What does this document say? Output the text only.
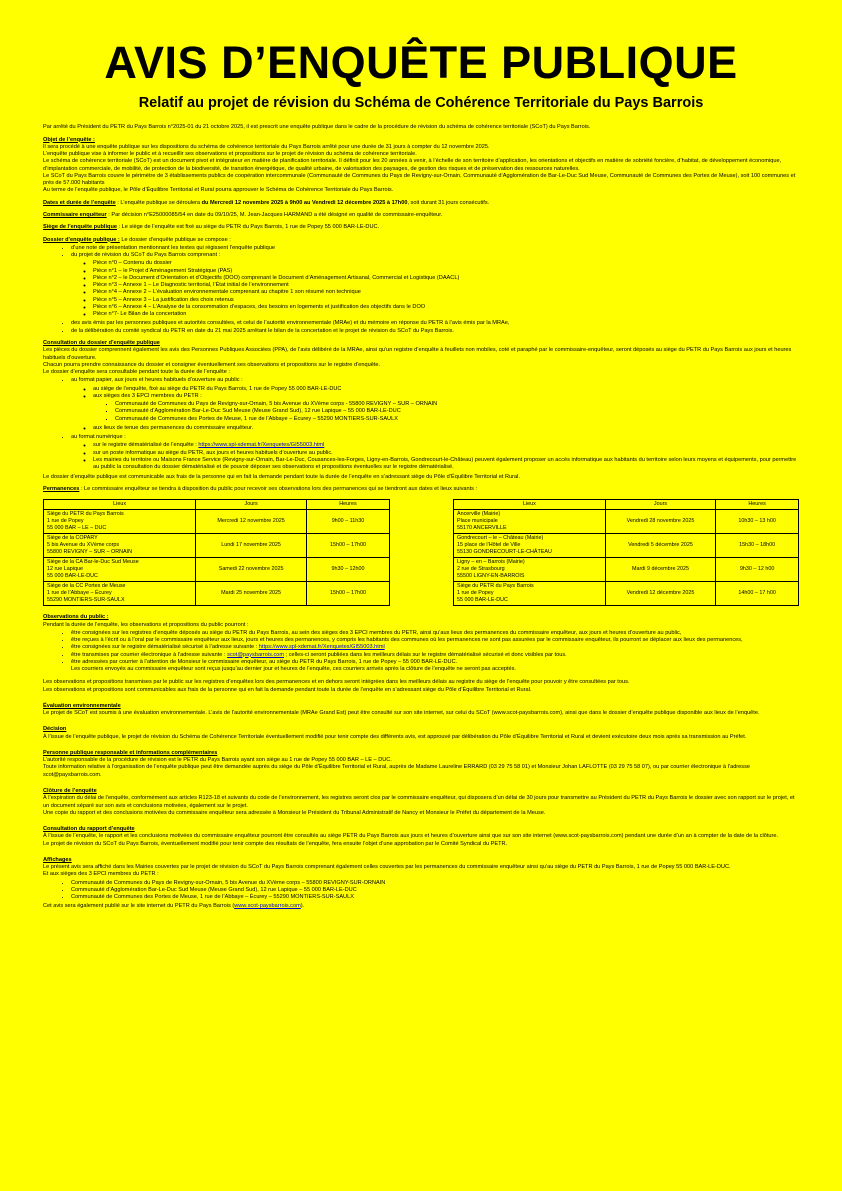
AVIS D’ENQUÊTE PUBLIQUE
Relatif au projet de révision du Schéma de Cohérence Territoriale du Pays Barrois

Par arrêté du Président du PETR du Pays Barrois n°2025-01 du 21 octobre 2025, il est prescrit une enquête publique dans le cadre de la procédure de révision du schéma de cohérence territoriale (SCoT) du Pays Barrois.

Objet de l’enquête :
Il sera procédé à une enquête publique sur les dispositions du schéma de cohérence territoriale du Pays Barrois arrêté pour une durée de 31 jours à compter du 12 novembre 2025.
L’enquête publique vise à informer le public et à recueillir ses observations et propositions sur le projet de révision du schéma de cohérence territoriale.
Le schéma de cohérence territoriale (SCoT) est un document pivot et intégrateur en matière de planification territoriale. Il définit pour les 20 années à venir, à l’échelle de son territoire d’application, les orientations et objectifs en matière de sobriété foncière, d’habitat, de développement économique, d’implantation commerciale, de mobilité, de protection de la biodiversité, de transition énergétique, de qualité urbaine, de valorisation des paysages, de gestion des risques et de préservation des ressources naturelles.
Le SCoT du Pays Barrois couvre le périmètre de 3 établissements publics de coopération intercommunale (Communauté de Communes du Pays de Revigny-sur-Ornain, Communauté d’Agglomération de Bar-Le-Duc Sud Meuse, Communauté de Communes des Portes de Meuse), soit 100 communes et près de 57.000 habitants
Au terme de l’enquête publique, le Pôle d’Équilibre Territorial et Rural pourra approuver le Schéma de Cohérence Territoriale du Pays Barrois.
Dates et durée de l’enquête : L’enquête publique se déroulera du Mercredi 12 novembre 2025 à 9h00 au Vendredi 12 décembre 2025 à 17h00, soit durant 31 jours consécutifs.
Commissaire enquêteur : Par décision n°E25000085/54 en date du 09/10/25, M. Jean-Jacques HARMAND a été désigné en qualité de commissaire-enquêteur.
Siège de l’enquête publique : Le siège de l’enquête est fixé au siège du PETR du Pays Barrois, 1 rue de Popey 55 000 BAR-LE-DUC.
Dossier d’enquête publique : Le dossier d’enquête publique se compose :
• d’une note de présentation mentionnant les textes qui régissent l’enquête publique
• du projet de révision du SCoT du Pays Barrois comprenant :
◦ Pièce n°0 – Contenu du dossier
◦ Pièce n°1 – le Projet d’Aménagement Stratégique (PAS)
◦ Pièce n°2 – le Document d’Orientation et d’Objectifs (DOO) comprenant le Document d’Aménagement Artisanal, Commercial et Logistique (DAACL)
◦ Pièce n°3 – Annexe 1 – Le Diagnostic territorial, l’État initial de l’environnement
◦ Pièce n°4 – Annexe 2 – L’évaluation environnementale comprenant au chapitre 1 son résumé non technique
◦ Pièce n°5 – Annexe 3 – La justification des choix retenus
◦ Pièce n°6 – Annexe 4 – L’Analyse de la consommation d’espaces, des besoins en logements et justification des objectifs dans le DOO
◦ Pièce n°7- Le Bilan de la concertation
• des avis émis par les personnes publiques et autorités consultées, et celui de l’autorité environnementale (MRAe) et du mémoire en réponse du PETR à l’avis émis par la MRAe,
• de la délibération du comité syndical du PETR en date du 21 mai 2025 arrêtant le bilan de la concertation et le projet de révision du SCoT du Pays Barrois.
Consultation du dossier d’enquête publique
Les pièces du dossier comprennent également les avis des Personnes Publiques Associées (PPA), de l’avis délibéré de la MRAe, ainsi qu’un registre d’enquête à feuillets non mobiles, coté et paraphé par le commissaire-enquêteur, seront déposés au siège du PETR du Pays Barrois aux jours et heures habituels d’ouverture.
Chacun pourra prendre connaissance du dossier et consigner éventuellement ses observations et propositions sur le registre d’enquête.
Le dossier d’enquête sera consultable pendant toute la durée de l’enquête :
• au format papier, aux jours et heures habituels d’ouverture au public :
◦ au siège de l’enquête, fixé au siège du PETR du Pays Barrois, 1 rue de Popey 55 000 BAR-LE-DUC
◦ aux sièges des 3 EPCI membres du PETR :
▪ Communauté de Communes du Pays de Revigny-sur-Ornain, 5 bis Avenue du XVème corps - 55800 REVIGNY – SUR – ORNAIN
▪ Communauté d’Agglomération Bar-Le-Duc Sud Meuse (Meuse Grand Sud), 12 rue Lapique – 55 000 BAR-LE-DUC
▪ Communauté de Communes des Portes de Meuse, 1 rue de l’Abbaye – Écurey – 55290 MONTIERS-SUR-SAULX
◦ aux lieux de tenue des permanences du commissaire enquêteur.
• au format numérique :
◦ sur le registre dématérialisé de l’enquête : https://www.spl-xdemat.fr/Xenquetes/GI55003.html
◦ sur un poste informatique au siège du PETR, aux jours et heures habituels d’ouverture au public.
◦ Les mairies du territoire ou Maisons France Service (Revigny-sur-Ornain, Bar-Le-Duc, Cousances-les-Forges, Ligny-en-Barrois, Gondrecourt-le-Château) peuvent également proposer un accès informatique aux habitants du territoire selon leurs moyens et équipements, pour permettre au public la consultation du dossier dématérialisé et de pouvoir déposer ses observations et propositions éventuelles sur le registre dématérialisé.
Le dossier d’enquête publique est communicable aux frais de la personne qui en fait la demande pendant toute la durée de l’enquête en s’adressant siège du Pôle d’Équilibre Territorial et Rural.
Permanences : Le commissaire enquêteur se tiendra à disposition du public pour recevoir ses observations lors des permanences qui se tiendront aux dates et lieux suivants :
Lieux	Jours	Heures

Siège du PETR du Pays Barrois
1 rue de Popey
55 000 BAR – LE – DUC	Mercredi 12 novembre 2025	9h00 – 11h30

Siège de la COPARY
5 bis Avenue du XVème corps
55800 REVIGNY – SUR – ORNAIN	Lundi 17 novembre 2025	15h00 – 17h00

Siège de la CA Bar-le-Duc Sud Meuse
12 rue Lapique
55 000 BAR-LE-DUC	Samedi 22 novembre 2025	9h30 – 12h00

Siège de la CC Portes de Meuse
1 rue de l’Abbaye – Écurey
55290 MONTIERS-SUR-SAULX	Mardi 25 novembre 2025	15h00 – 17h00
Lieux	Jours	Heures

Ancerville (Mairie)
Place municipale
55170 ANCERVILLE	Vendredi 28 novembre 2025	10h30 – 13 h00

Gondrecourt – le – Château (Mairie)
15 place de l’Hôtel de Ville
55130 GONDRECOURT-LE-CHÂTEAU	Vendredi 5 décembre 2025	15h30 – 18h00

Ligny – en – Barrois (Mairie)
2 rue de Strasbourg
55500 LIGNY-EN-BARROIS	Mardi 9 décembre 2025	9h30 – 12 h00

Siège du PETR du Pays Barrois
1 rue de Popey
55 000 BAR-LE-DUC	Vendredi 12 décembre 2025	14h00 – 17 h00
Observations du public :
Pendant la durée de l’enquête, les observations et propositions du public pourront :
• être consignées sur les registres d’enquête déposés au siège du PETR du Pays Barrois, au sein des sièges des 3 EPCI membres du PETR, ainsi qu’aux lieux des permanences du commissaire enquêteur, aux jours et heures d’ouverture au public,
• être reçues à l’écrit ou à l’oral par le commissaire enquêteur aux lieux, jours et heures des permanences, y compris les habitants des communes où les permanences ne sont pas assurées par le commissaire enquêteur, ils pourront se déplacer aux lieux des permanences,
• être consignées sur le registre dématérialisé sécurisé à l’adresse suivante : https://www.spl-xdemat.fr/Xenquetes/GI55003.html
• être transmises par courrier électronique à l’adresse suivante : scot@paysbarrois.com ; celles-ci seront publiées dans les meilleurs délais sur le registre dématérialisé sécurisé et donc visibles par tous.
• être adressées par courrier à l’attention de Monsieur le commissaire enquêteur, au siège du PETR du Pays Barrois, 1 rue de Popey – 55 000 BAR-LE-DUC.
Les courriers envoyés au commissaire enquêteur sont reçus jusqu’au dernier jour et heures de l’enquête, ces courriers arrivés après la clôture de l’enquête ne seront pas acceptés.
Les observations et propositions transmises par le public sur les registres d’enquêtes lors des permanences et en dehors seront intégrées dans les meilleurs délais au registre du siège de l’enquête pour pouvoir y être consultées par tous.
Les observations et propositions sont communicables aux frais de la personne qui en fait la demande pendant toute la durée de l’enquête en s’adressant siège du Pôle d’Équilibre Territorial et Rural.
Évaluation environnementale
Le projet de SCoT est soumis à une évaluation environnementale. L’avis de l’autorité environnementale (MRAe Grand Est) peut être consulté sur son site internet, sur celui du SCoT (www.scot-paysbarrois.com), ainsi que dans le dossier d’enquête publique disponible aux lieux de l’enquête.
Décision
À l’issue de l’enquête publique, le projet de révision du Schéma de Cohérence Territoriale éventuellement modifié pour tenir compte des différents avis, est approuvé par délibération du Pôle d’Équilibre Territorial et Rural et devient exécutoire deux mois après sa transmission au Préfet.
Personne publique responsable et informations complémentaires
L’autorité responsable de la procédure de révision est le PETR du Pays Barrois ayant son siège au 1 rue de Popey 55 000 BAR – LE – DUC.
Toute information relative à l’organisation de l’enquête publique peut être demandée auprès du siège du Pôle d’Équilibre Territorial et Rural, auprès de Madame Laureline ERRARD (03 29 75 58 01) et Monsieur Johan LAFLOTTE (03 29 75 58 07), ou par courrier électronique à l’adresse scot@paysbarrois.com.
Clôture de l’enquête
À l’expiration du délai de l’enquête, conformément aux articles R123-18 et suivants du code de l’environnement, les registres seront clos par le commissaire enquêteur, qui disposera d’un délai de 30 jours pour transmettre au Président du PETR du Pays Barrois le dossier avec son rapport sur le projet, et un document séparé sur son avis et conclusions motivées, également sur le projet.
Une copie du rapport et des conclusions motivées du commissaire enquêteur sera adressée à Monsieur le Président du Tribunal Administratif de Nancy et Monsieur le Préfet du département de la Meuse.
Consultation du rapport d’enquête
À l’issue de l’enquête, le rapport et les conclusions motivées du commissaire enquêteur pourront être consultés au siège PETR du Pays Barrois aux jours et heures d’ouverture ainsi que sur son site internet (www.scot-paysbarrois.com) pendant une durée d’un an à compter de la date de la clôture.
Le projet de révision du SCoT du Pays Barrois, éventuellement modifié pour tenir compte des résultats de l’enquête, fera ensuite l’objet d’une approbation par le Comité Syndical du PETR.
Affichages
Le présent avis sera affiché dans les Mairies couvertes par le projet de révision du SCoT du Pays Barrois comprenant également celles couvertes par les permanences du commissaire enquêteur ainsi qu’au siège du PETR du Pays Barrois, 1 rue de Popey 55 000 BAR-LE-DUC.
Et aux sièges des 3 EPCI membres du PETR :
• Communauté de Communes du Pays de Revigny-sur-Ornain, 5 bis Avenue du XVème corps – 55800 REVIGNY-SUR-ORNAIN
• Communauté d’Agglomération Bar-Le-Duc Sud Meuse (Meuse Grand Sud), 12 rue Lapique – 55 000 BAR-LE-DUC
• Communauté de Communes des Portes de Meuse, 1 rue de l’Abbaye – Écurey – 55290 MONTIERS-SUR-SAULX
Cet avis sera également publié sur le site internet du PETR du Pays Barrois (www.scot-paysbarrois.com).
